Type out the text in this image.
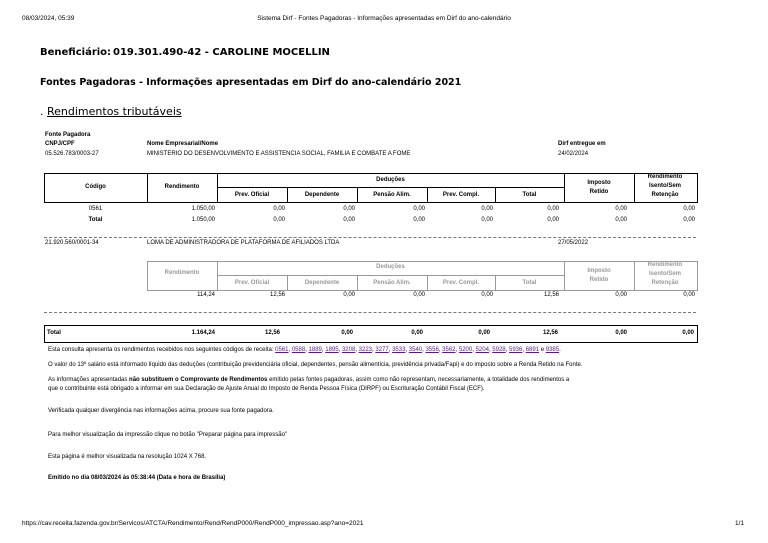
08/03/2024, 05:39	Sistema Dirf - Fontes Pagadoras - Informações apresentadas em Dirf do ano-calendário
Beneficiário: 019.301.490-42 - CAROLINE MOCELLIN
Fontes Pagadoras - Informações apresentadas em Dirf do ano-calendário 2021
. Rendimentos tributáveis
Fonte Pagadora
CNPJ/CPF	Nome Empresarial/Nome	Dirf entregue em
05.526.783/0003-27	MINISTERIO DO DESENVOLVIMENTO E ASSISTENCIA SOCIAL, FAMILIA E COMBATE A FOME	24/02/2024
Código	Rendimento
Deduções
Prev. Oficial	Dependente	Pensão Alim.	Prev. Compl.	Total
Imposto
Retido
Rendimento
Isento/Sem
Retenção
0561	1.050,00	0,00	0,00	0,00	0,00	0,00	0,00	0,00
Total	1.050,00	0,00	0,00	0,00	0,00	0,00	0,00	0,00
21.920.560/0001-34	LOMA DE ADMINISTRADORA DE PLATAFORMA DE AFILIADOS LTDA	27/05/2022
Rendimento
Deduções
Prev. Oficial	Dependente	Pensão Alim.	Prev. Compl.	Total
Imposto
Retido
Rendimento
Isento/Sem
Retenção
114,24	12,56	0,00	0,00	0,00	12,56	0,00	0,00
Total	1.164,24	12,56	0,00	0,00	0,00	12,56	0,00	0,00
Esta consulta apresenta os rendimentos recebidos nos seguintes códigos de receita: 0561, 0588, 1889, 1895, 3208, 3223, 3277, 3533, 3540, 3556, 3562, 5200, 5204, 5928, 5936, 6891 e 9385.
O valor do 13º salário está informado líquido das deduções (contribuição previdenciária oficial, dependentes, pensão alimentícia, previdência privada/Fapi) e do imposto sobre a Renda Retido na Fonte.
As informações apresentadas não substituem o Comprovante de Rendimentos emitido pelas fontes pagadoras, assim como não representam, necessariamente, a totalidade dos rendimentos a
que o contribuinte está obrigado a informar em sua Declaração de Ajuste Anual do Imposto de Renda Pessoa Física (DIRPF) ou Escrituração Contábil Fiscal (ECF).
Verificada qualquer divergência nas informações acima, procure sua fonte pagadora.
Para melhor visualização da impressão clique no botão "Preparar página para impressão"
Esta página é melhor visualizada na resolução 1024 X 768.
Emitido no dia 08/03/2024 às 05:38:44 (Data e hora de Brasília)
https://cav.receita.fazenda.gov.br/Servicos/ATCTA/Rendimento/Rend/RendP000/RendP000_impressao.asp?ano=2021	1/1
